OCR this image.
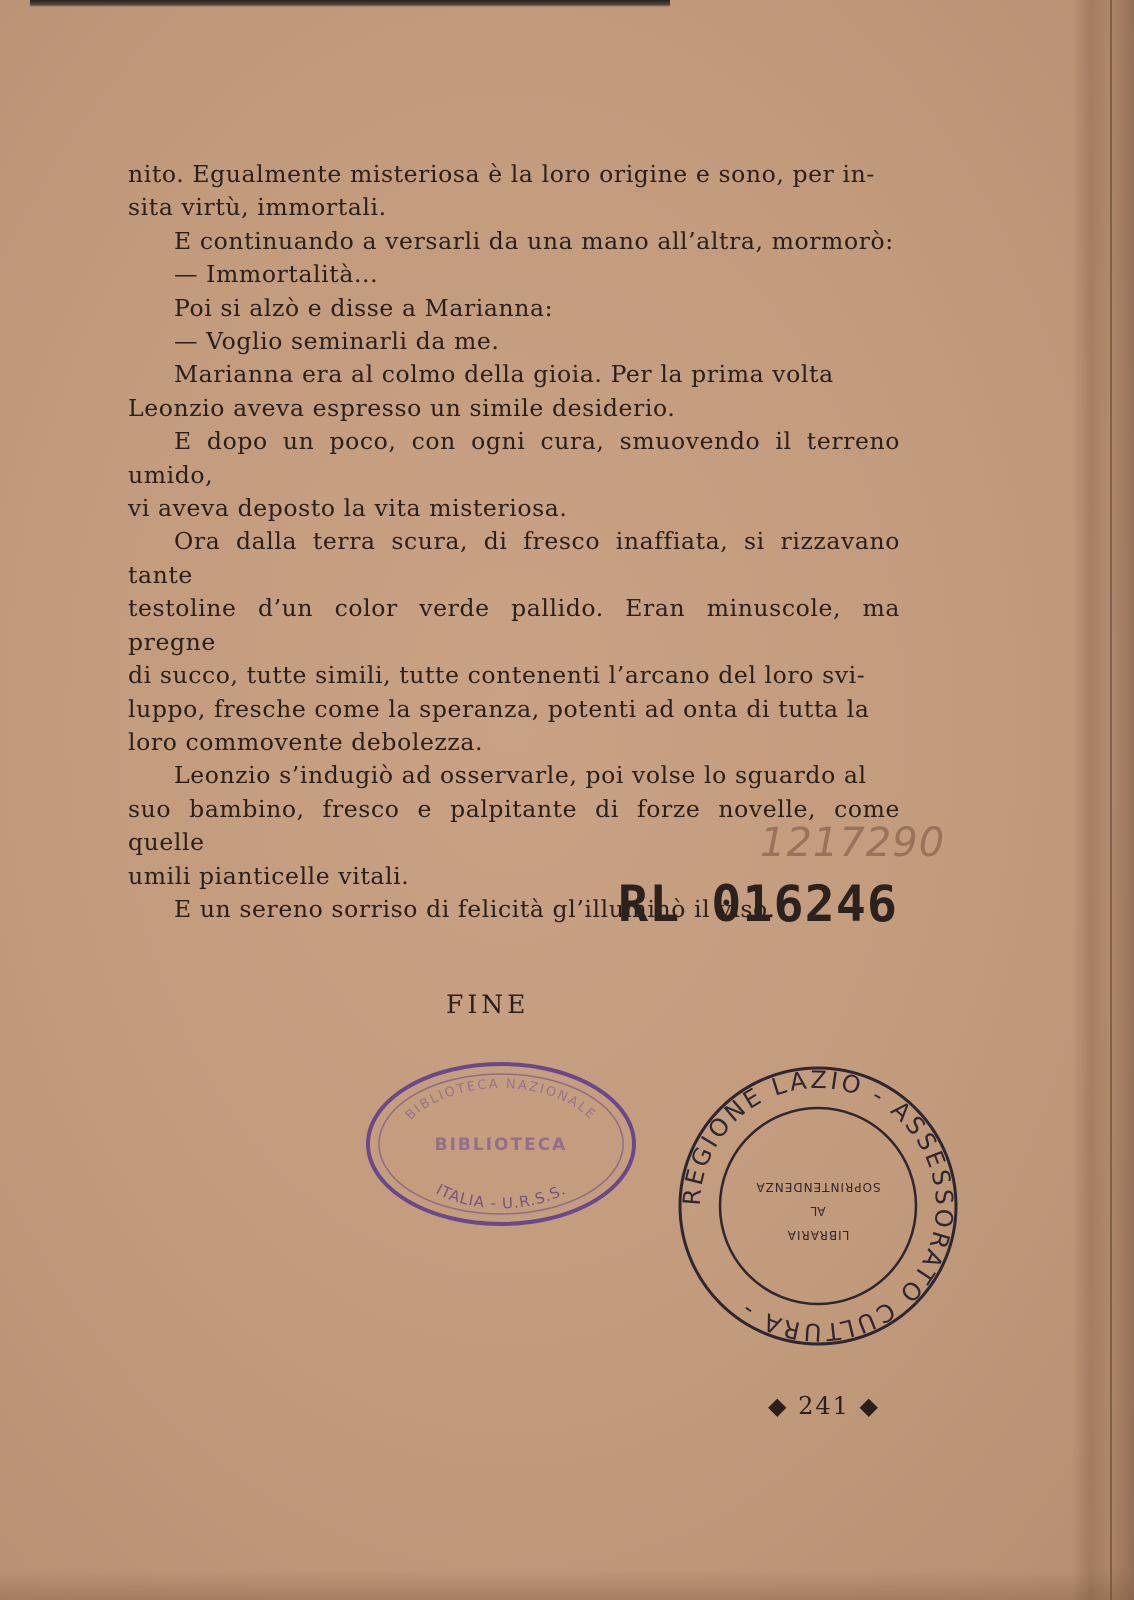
nito. Egualmente misteriosa è la loro origine e sono, per in-
sita virtù, immortali.

E continuando a versarli da una mano all’altra, mormorò:

— Immortalità...

Poi si alzò e disse a Marianna:

— Voglio seminarli da me.

Marianna era al colmo della gioia. Per la prima volta
Leonzio aveva espresso un simile desiderio.

E dopo un poco, con ogni cura, smuovendo il terreno umido,
vi aveva deposto la vita misteriosa.

Ora dalla terra scura, di fresco inaffiata, si rizzavano tante
testoline d’un color verde pallido. Eran minuscole, ma pregne
di succo, tutte simili, tutte contenenti l’arcano del loro svi-
luppo, fresche come la speranza, potenti ad onta di tutta la
loro commovente debolezza.

Leonzio s’indugiò ad osservarle, poi volse lo sguardo al
suo bambino, fresco e palpitante di forze novelle, come quelle
umili pianticelle vitali.

E un sereno sorriso di felicità gl’illuminò il viso.

1217290
RL 016246
FINE
BIBLIOTECA NAZIONALE
BIBLIOTECA
ITALIA - U.R.S.S.	REGIONE LAZIO - ASSESSORATO CULTURA -
LIBRARIA
AL
SOPRINTENDENZA
◆ 241 ◆
